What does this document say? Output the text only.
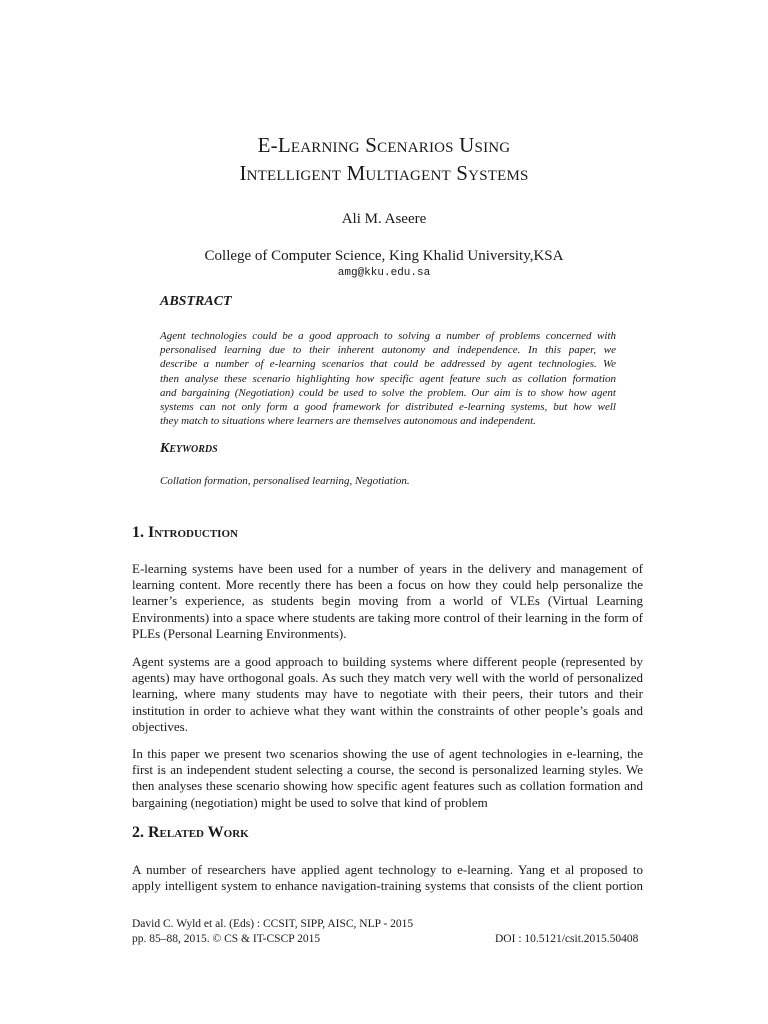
E-Learning Scenarios Using
Intelligent Multiagent Systems
Ali M. Aseere
College of Computer Science, King Khalid University,KSA
amg@kku.edu.sa
ABSTRACT
Agent technologies could be a good approach to solving a number of problems concerned with
personalised learning due to their inherent autonomy and independence. In this paper, we
describe a number of e-learning scenarios that could be addressed by agent technologies. We
then analyse these scenario highlighting how specific agent feature such as collation formation
and bargaining (Negotiation) could be used to solve the problem. Our aim is to show how agent
systems can not only form a good framework for distributed e-learning systems, but how well
they match to situations where learners are themselves autonomous and independent.
Keywords
Collation formation, personalised learning, Negotiation.
1. Introduction
E-learning systems have been used for a number of years in the delivery and management of
learning content. More recently there has been a focus on how they could help personalize the
learner’s experience, as students begin moving from a world of VLEs (Virtual Learning
Environments) into a space where students are taking more control of their learning in the form of
PLEs (Personal Learning Environments).
Agent systems are a good approach to building systems where different people (represented by
agents) may have orthogonal goals. As such they match very well with the world of personalized
learning, where many students may have to negotiate with their peers, their tutors and their
institution in order to achieve what they want within the constraints of other people’s goals and
objectives.
In this paper we present two scenarios showing the use of agent technologies in e-learning, the
first is an independent student selecting a course, the second is personalized learning styles. We
then analyses these scenario showing how specific agent features such as collation formation and
bargaining (negotiation) might be used to solve that kind of problem
2. Related Work
A number of researchers have applied agent technology to e-learning. Yang et al proposed to
apply intelligent system to enhance navigation-training systems that consists of the client portion
David C. Wyld et al. (Eds) : CCSIT, SIPP, AISC, NLP - 2015
pp. 85–88, 2015. © CS & IT-CSCP 2015	DOI : 10.5121/csit.2015.50408
